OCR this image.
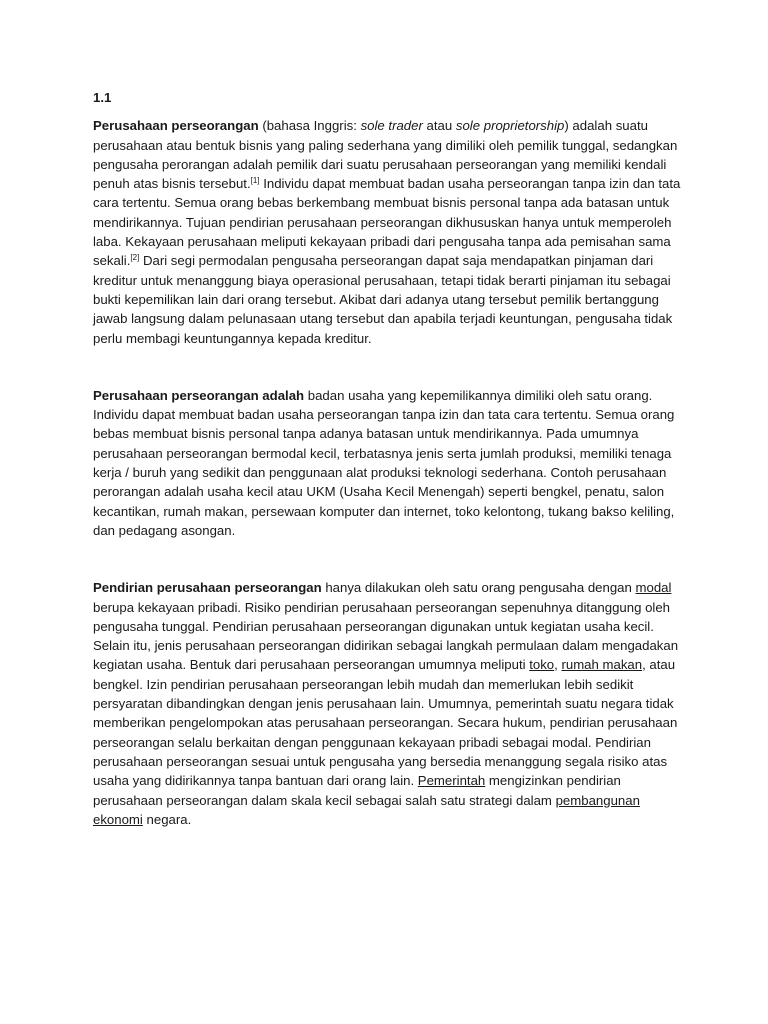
1.1

Perusahaan perseorangan (bahasa Inggris: sole trader atau sole proprietorship) adalah suatu perusahaan atau bentuk bisnis yang paling sederhana yang dimiliki oleh pemilik tunggal, sedangkan pengusaha perorangan adalah pemilik dari suatu perusahaan perseorangan yang memiliki kendali penuh atas bisnis tersebut.[1] Individu dapat membuat badan usaha perseorangan tanpa izin dan tata cara tertentu. Semua orang bebas berkembang membuat bisnis personal tanpa ada batasan untuk mendirikannya. Tujuan pendirian perusahaan perseorangan dikhususkan hanya untuk memperoleh laba. Kekayaan perusahaan meliputi kekayaan pribadi dari pengusaha tanpa ada pemisahan sama sekali.[2] Dari segi permodalan pengusaha perseorangan dapat saja mendapatkan pinjaman dari kreditur untuk menanggung biaya operasional perusahaan, tetapi tidak berarti pinjaman itu sebagai bukti kepemilikan lain dari orang tersebut. Akibat dari adanya utang tersebut pemilik bertanggung jawab langsung dalam pelunasaan utang tersebut dan apabila terjadi keuntungan, pengusaha tidak perlu membagi keuntungannya kepada kreditur.

Perusahaan perseorangan adalah badan usaha yang kepemilikannya dimiliki oleh satu orang. Individu dapat membuat badan usaha perseorangan tanpa izin dan tata cara tertentu. Semua orang bebas membuat bisnis personal tanpa adanya batasan untuk mendirikannya. Pada umumnya perusahaan perseorangan bermodal kecil, terbatasnya jenis serta jumlah produksi, memiliki tenaga kerja / buruh yang sedikit dan penggunaan alat produksi teknologi sederhana. Contoh perusahaan perorangan adalah usaha kecil atau UKM (Usaha Kecil Menengah) seperti bengkel, penatu, salon kecantikan, rumah makan, persewaan komputer dan internet, toko kelontong, tukang bakso keliling, dan pedagang asongan.

Pendirian perusahaan perseorangan hanya dilakukan oleh satu orang pengusaha dengan modal berupa kekayaan pribadi. Risiko pendirian perusahaan perseorangan sepenuhnya ditanggung oleh pengusaha tunggal. Pendirian perusahaan perseorangan digunakan untuk kegiatan usaha kecil. Selain itu, jenis perusahaan perseorangan didirikan sebagai langkah permulaan dalam mengadakan kegiatan usaha. Bentuk dari perusahaan perseorangan umumnya meliputi toko, rumah makan, atau bengkel. Izin pendirian perusahaan perseorangan lebih mudah dan memerlukan lebih sedikit persyaratan dibandingkan dengan jenis perusahaan lain. Umumnya, pemerintah suatu negara tidak memberikan pengelompokan atas perusahaan perseorangan. Secara hukum, pendirian perusahaan perseorangan selalu berkaitan dengan penggunaan kekayaan pribadi sebagai modal. Pendirian perusahaan perseorangan sesuai untuk pengusaha yang bersedia menanggung segala risiko atas usaha yang didirikannya tanpa bantuan dari orang lain. Pemerintah mengizinkan pendirian perusahaan perseorangan dalam skala kecil sebagai salah satu strategi dalam pembangunan ekonomi negara.
